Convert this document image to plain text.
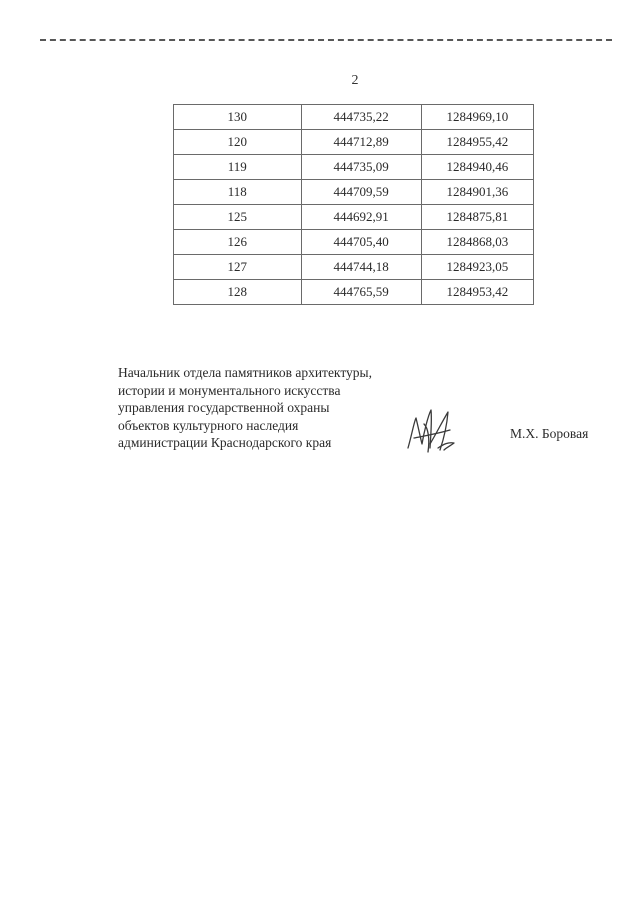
2
130	444735,22	1284969,10
120	444712,89	1284955,42
119	444735,09	1284940,46
118	444709,59	1284901,36
125	444692,91	1284875,81
126	444705,40	1284868,03
127	444744,18	1284923,05
128	444765,59	1284953,42
Начальник отдела памятников архитектуры,
истории и монументального искусства
управления государственной охраны
объектов культурного наследия
администрации Краснодарского края
М.Х. Боровая
